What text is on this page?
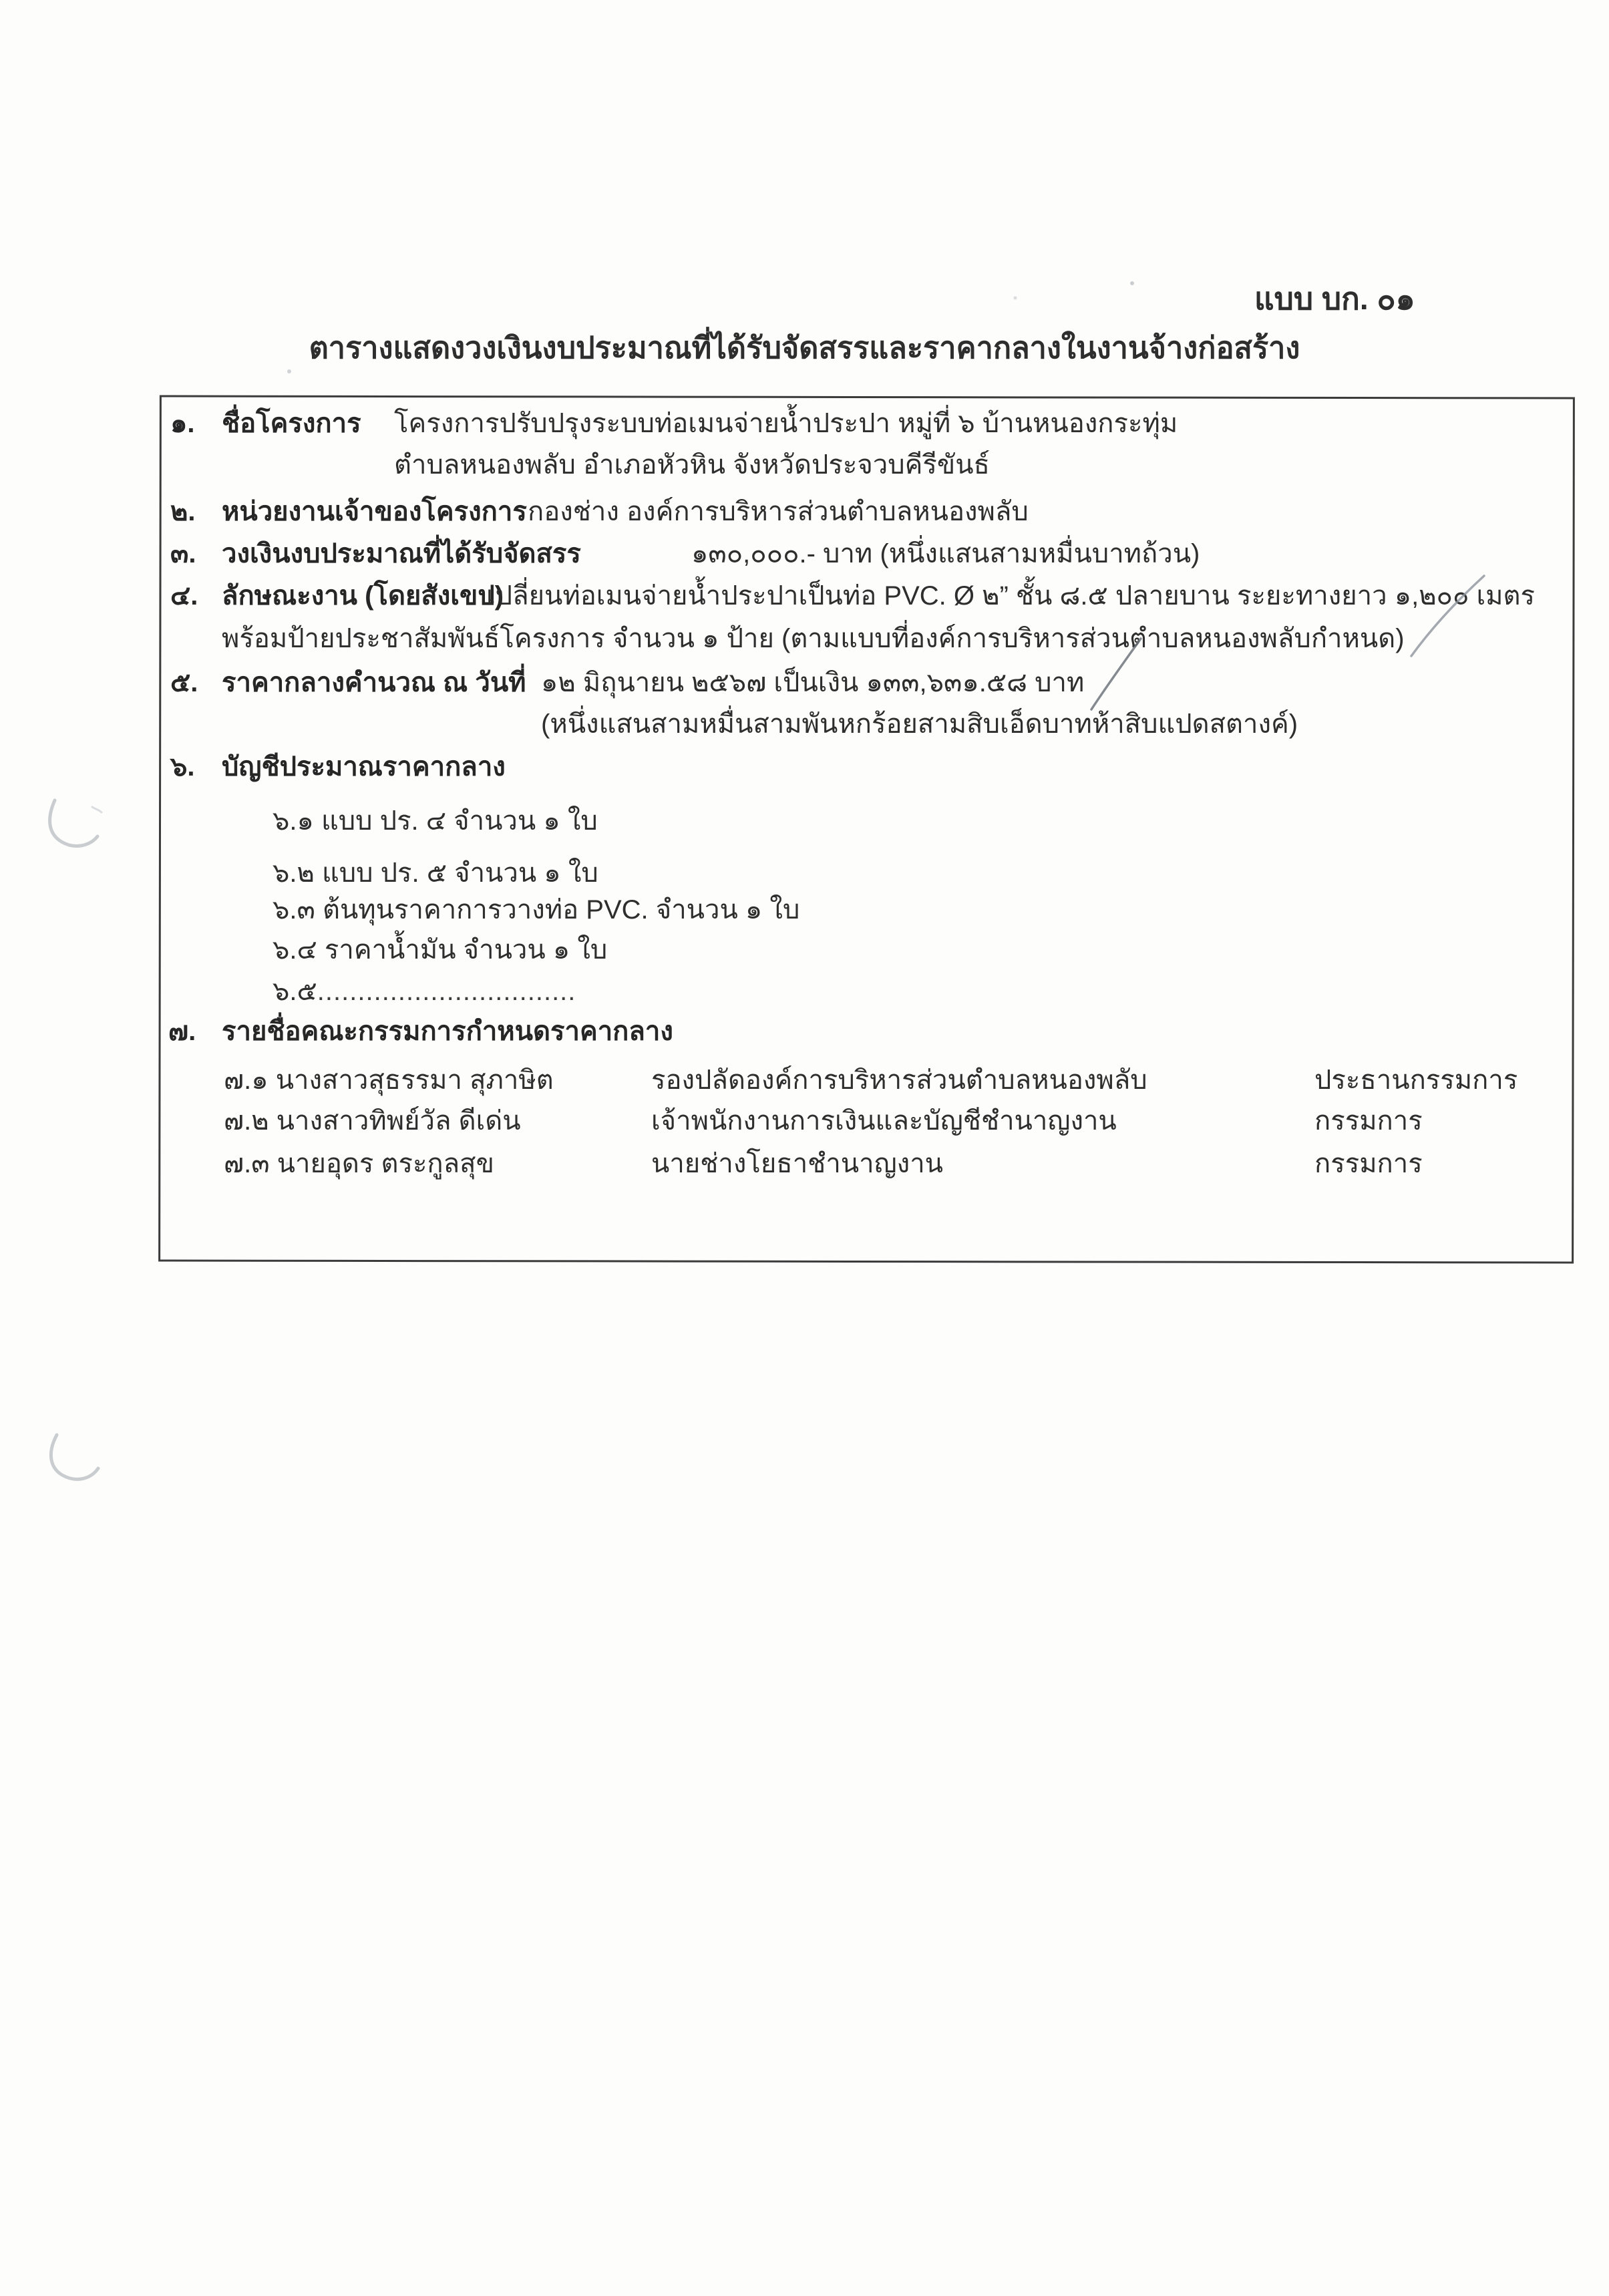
แบบ บก. ๐๑
ตารางแสดงวงเงินงบประมาณที่ได้รับจัดสรรและราคากลางในงานจ้างก่อสร้าง
๑. ชื่อโครงการ โครงการปรับปรุงระบบท่อเมนจ่ายน้ำประปา หมู่ที่ ๖ บ้านหนองกระทุ่ม
ตำบลหนองพลับ อำเภอหัวหิน จังหวัดประจวบคีรีขันธ์
๒. หน่วยงานเจ้าของโครงการ กองช่าง องค์การบริหารส่วนตำบลหนองพลับ
๓. วงเงินงบประมาณที่ได้รับจัดสรร	๑๓๐,๐๐๐.- บาท (หนึ่งแสนสามหมื่นบาทถ้วน)
๔. ลักษณะงาน (โดยสังเขป)
เปลี่ยนท่อเมนจ่ายน้ำประปาเป็นท่อ PVC. Ø ๒” ชั้น ๘.๕ ปลายบาน ระยะทางยาว ๑,๒๐๐ เมตร
พร้อมป้ายประชาสัมพันธ์โครงการ จำนวน ๑ ป้าย (ตามแบบที่องค์การบริหารส่วนตำบลหนองพลับกำหนด)
๕. ราคากลางคำนวณ ณ วันที่ ๑๒ มิถุนายน ๒๕๖๗ เป็นเงิน ๑๓๓,๖๓๑.๕๘ บาท
(หนึ่งแสนสามหมื่นสามพันหกร้อยสามสิบเอ็ดบาทห้าสิบแปดสตางค์)
๖. บัญชีประมาณราคากลาง
๖.๑ แบบ ปร. ๔ จำนวน ๑ ใบ
๖.๒ แบบ ปร. ๕ จำนวน ๑ ใบ
๖.๓ ต้นทุนราคาการวางท่อ PVC. จำนวน ๑ ใบ
๖.๔ ราคาน้ำมัน จำนวน ๑ ใบ
๖.๕................................
๗. รายชื่อคณะกรรมการกำหนดราคากลาง
๗.๑ นางสาวสุธรรมา สุภาษิต	รองปลัดองค์การบริหารส่วนตำบลหนองพลับ	ประธานกรรมการ
๗.๒ นางสาวทิพย์วัล ดีเด่น	เจ้าพนักงานการเงินและบัญชีชำนาญงาน	กรรมการ
๗.๓ นายอุดร ตระกูลสุข	นายช่างโยธาชำนาญงาน	กรรมการ
